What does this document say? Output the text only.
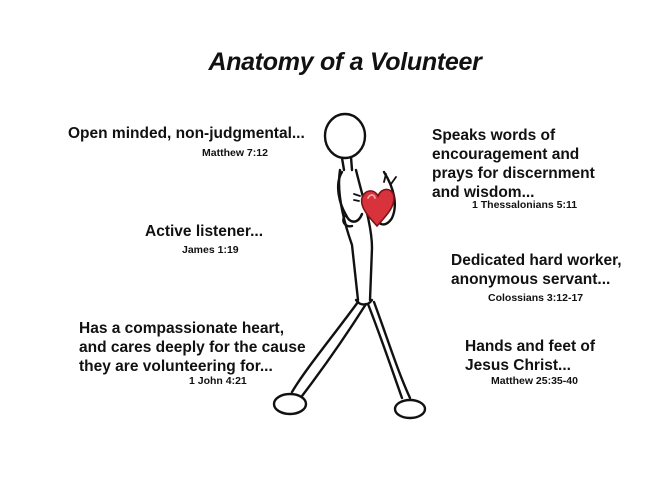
Anatomy of a Volunteer
Open minded, non-judgmental...
Matthew 7:12
Active listener...
James 1:19
Has a compassionate heart,
and cares deeply for the cause
they are volunteering for...
1 John 4:21
Speaks words of
encouragement and
prays for discernment
and wisdom...
1 Thessalonians 5:11
Dedicated hard worker,
anonymous servant...
Colossians 3:12-17
Hands and feet of
Jesus Christ...
Matthew 25:35-40
